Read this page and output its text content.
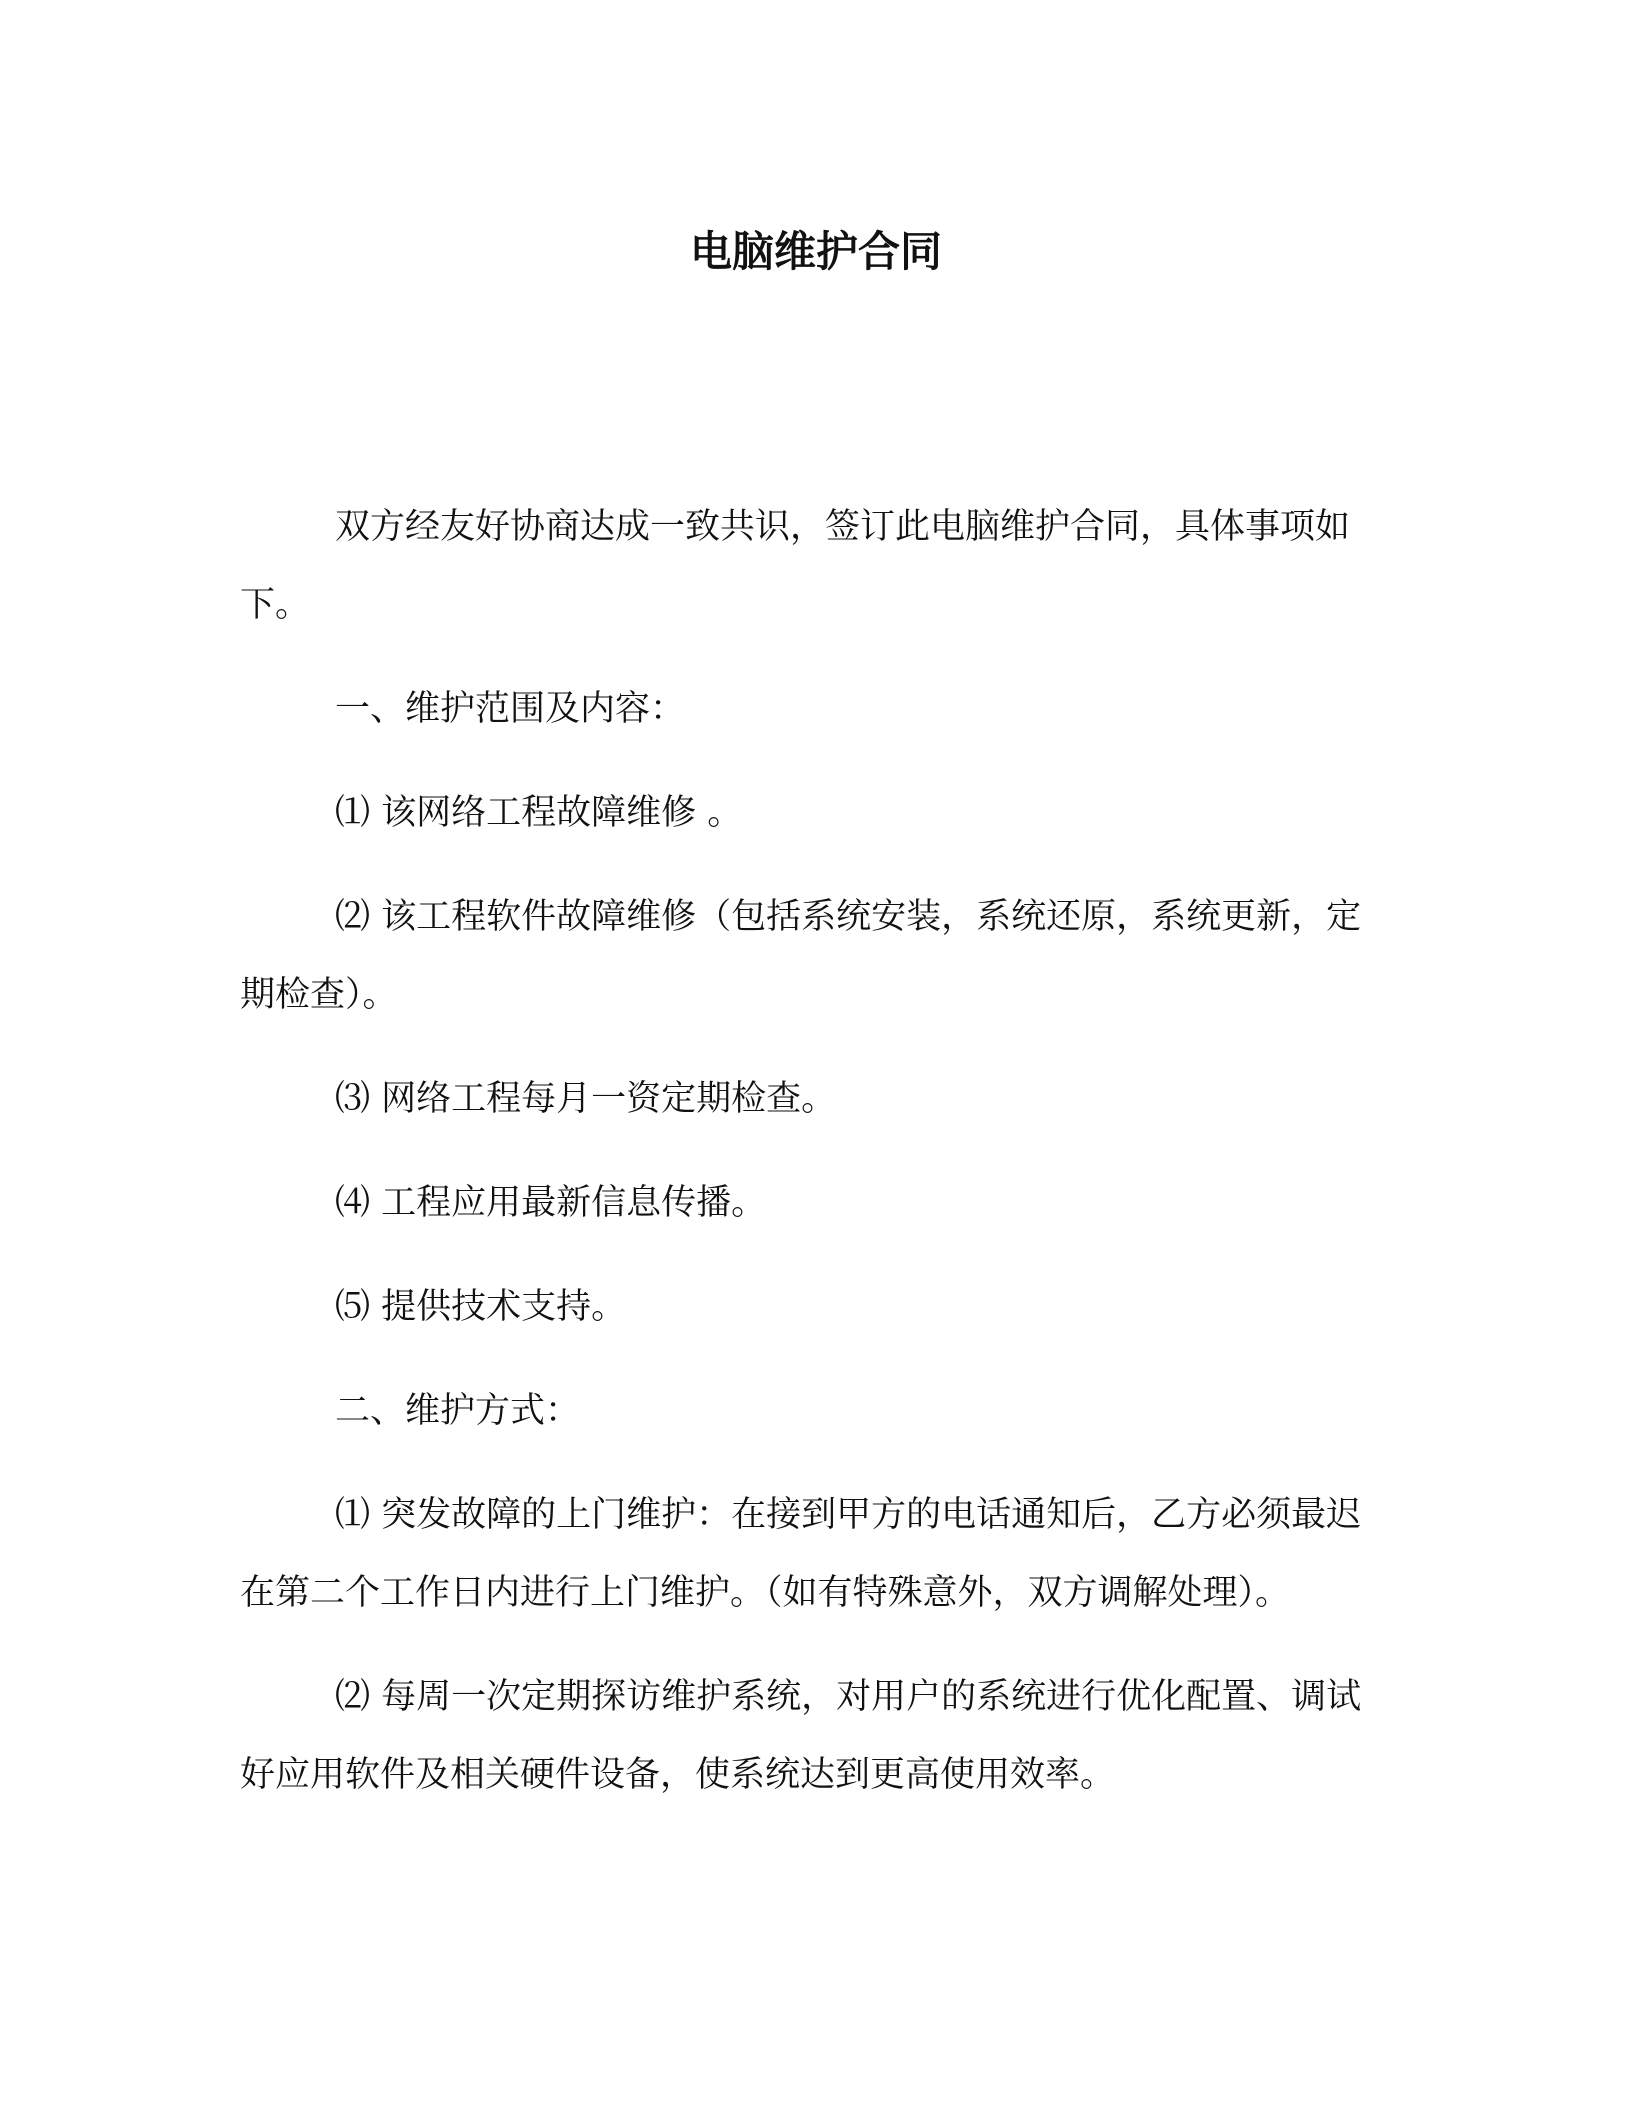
电脑维护合同

双方经友好协商达成一致共识，签订此电脑维护合同，具体事项如下。

一、维护范围及内容：

⑴ 该网络工程故障维修 。

⑵ 该工程软件故障维修（包括系统安装，系统还原，系统更新，定期检查）。

⑶ 网络工程每月一资定期检查。

⑷ 工程应用最新信息传播。

⑸ 提供技术支持。

二、维护方式：

⑴ 突发故障的上门维护：在接到甲方的电话通知后，乙方必须最迟在第二个工作日内进行上门维护。（如有特殊意外，双方调解处理）。

⑵ 每周一次定期探访维护系统，对用户的系统进行优化配置、调试好应用软件及相关硬件设备，使系统达到更高使用效率。
